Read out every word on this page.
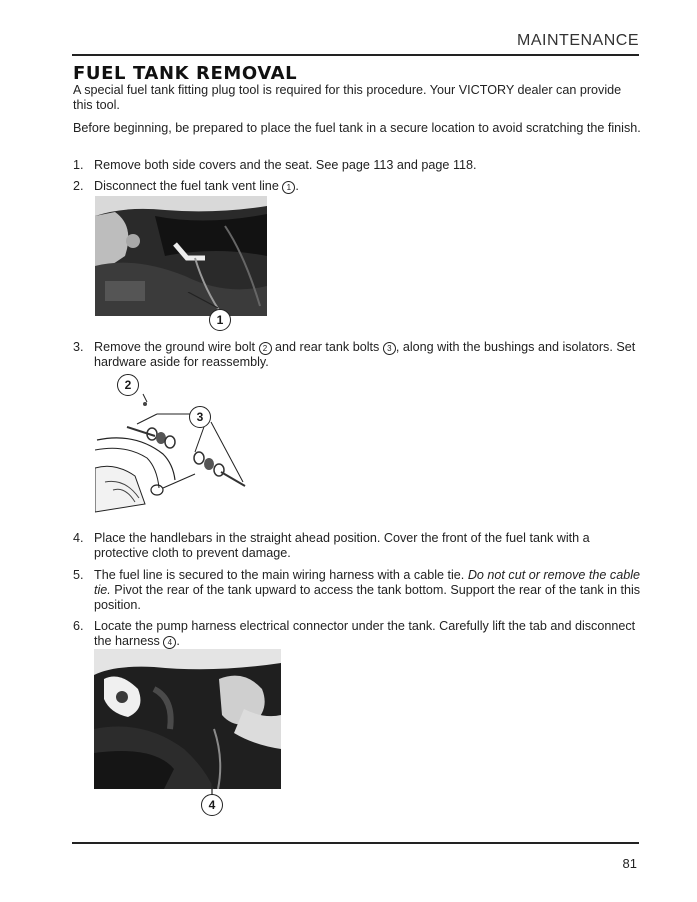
MAINTENANCE
FUEL TANK REMOVAL
A special fuel tank fitting plug tool is required for this procedure. Your VICTORY dealer can provide this tool.
Before beginning, be prepared to place the fuel tank in a secure location to avoid scratching the finish.
1. Remove both side covers and the seat. See page 113 and page 118.
2. Disconnect the fuel tank vent line 1 .
1
3. Remove the ground wire bolt 2 and rear tank bolts 3 , along with the bushings and isolators. Set hardware aside for reassembly.
2
3
4. Place the handlebars in the straight ahead position. Cover the front of the fuel tank with a protective cloth to prevent damage.
5. The fuel line is secured to the main wiring harness with a cable tie. Do not cut or remove the cable tie. Pivot the rear of the tank upward to access the tank bottom. Support the rear of the tank in this position.
6. Locate the pump harness electrical connector under the tank. Carefully lift the tab and disconnect the harness 4 .
4
81
